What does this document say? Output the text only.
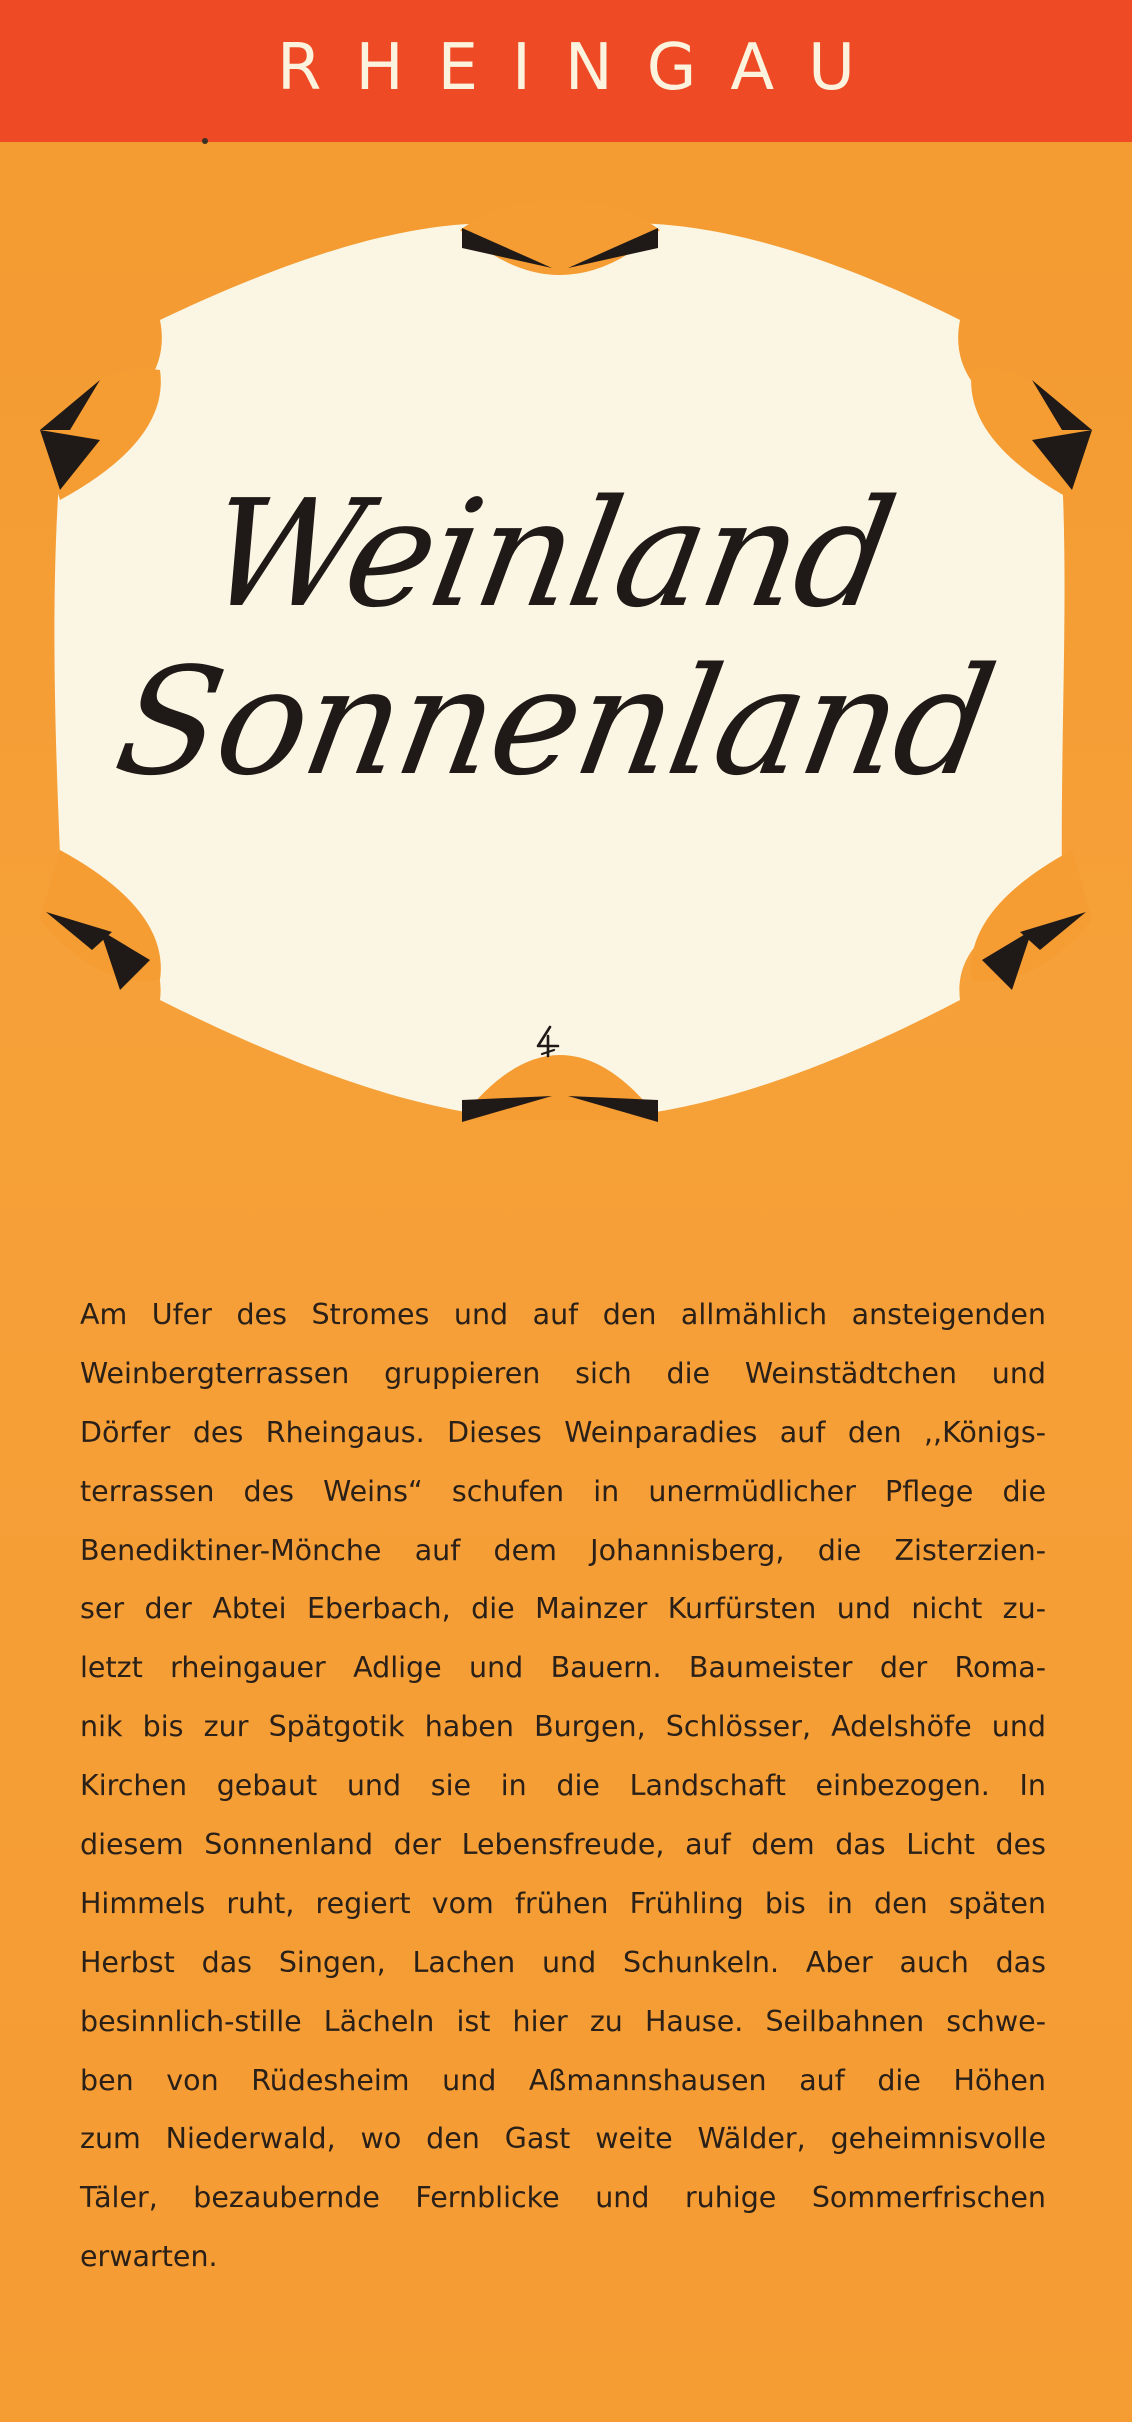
RHEINGAU
Weinland
Sonnenland
Am Ufer des Stromes und auf den allmählich ansteigenden
Weinbergterrassen gruppieren sich die Weinstädtchen und
Dörfer des Rheingaus. Dieses Weinparadies auf den ,,Königs-
terrassen des Weins“ schufen in unermüdlicher Pflege die
Benediktiner-Mönche auf dem Johannisberg, die Zisterzien-
ser der Abtei Eberbach, die Mainzer Kurfürsten und nicht zu-
letzt rheingauer Adlige und Bauern. Baumeister der Roma-
nik bis zur Spätgotik haben Burgen, Schlösser, Adelshöfe und
Kirchen gebaut und sie in die Landschaft einbezogen. In
diesem Sonnenland der Lebensfreude, auf dem das Licht des
Himmels ruht, regiert vom frühen Frühling bis in den späten
Herbst das Singen, Lachen und Schunkeln. Aber auch das
besinnlich-stille Lächeln ist hier zu Hause. Seilbahnen schwe-
ben von Rüdesheim und Aßmannshausen auf die Höhen
zum Niederwald, wo den Gast weite Wälder, geheimnisvolle
Täler, bezaubernde Fernblicke und ruhige Sommerfrischen
erwarten.
